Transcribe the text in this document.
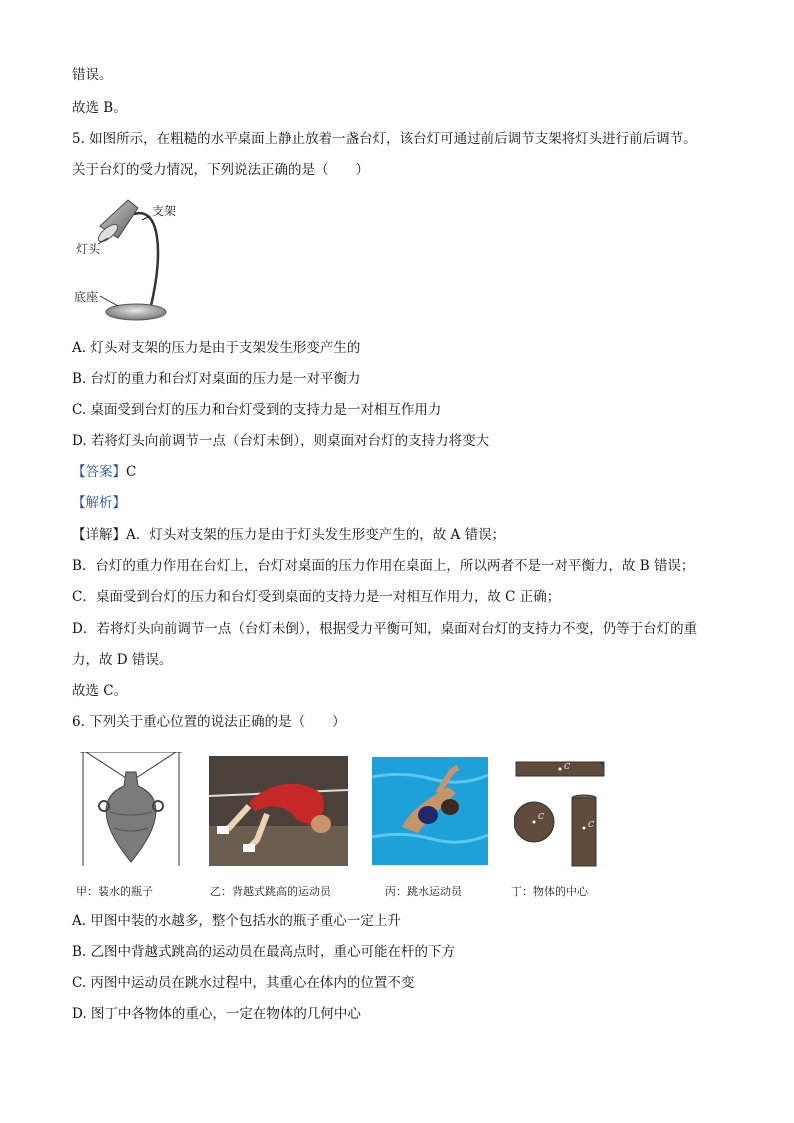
错误。
故选 B。
5. 如图所示，在粗糙的水平桌面上静止放着一盏台灯，该台灯可通过前后调节支架将灯头进行前后调节。
关于台灯的受力情况，下列说法正确的是（　　）
支架
灯头
底座
A. 灯头对支架的压力是由于支架发生形变产生的
B. 台灯的重力和台灯对桌面的压力是一对平衡力
C. 桌面受到台灯的压力和台灯受到的支持力是一对相互作用力
D. 若将灯头向前调节一点（台灯未倒），则桌面对台灯的支持力将变大
【答案】C
【解析】
【详解】A．灯头对支架的压力是由于灯头发生形变产生的，故 A 错误；
B．台灯的重力作用在台灯上，台灯对桌面的压力作用在桌面上，所以两者不是一对平衡力，故 B 错误；
C．桌面受到台灯的压力和台灯受到桌面的支持力是一对相互作用力，故 C 正确；
D．若将灯头向前调节一点（台灯未倒），根据受力平衡可知，桌面对台灯的支持力不变，仍等于台灯的重
力，故 D 错误。
故选 C。
6. 下列关于重心位置的说法正确的是（　　）
甲：装水的瓶子	乙：背越式跳高的运动员	丙：跳水运动员
C
C
C
丁：物体的中心
A. 甲图中装的水越多，整个包括水的瓶子重心一定上升
B. 乙图中背越式跳高的运动员在最高点时，重心可能在杆的下方
C. 丙图中运动员在跳水过程中，其重心在体内的位置不变
D. 图丁中各物体的重心，一定在物体的几何中心
